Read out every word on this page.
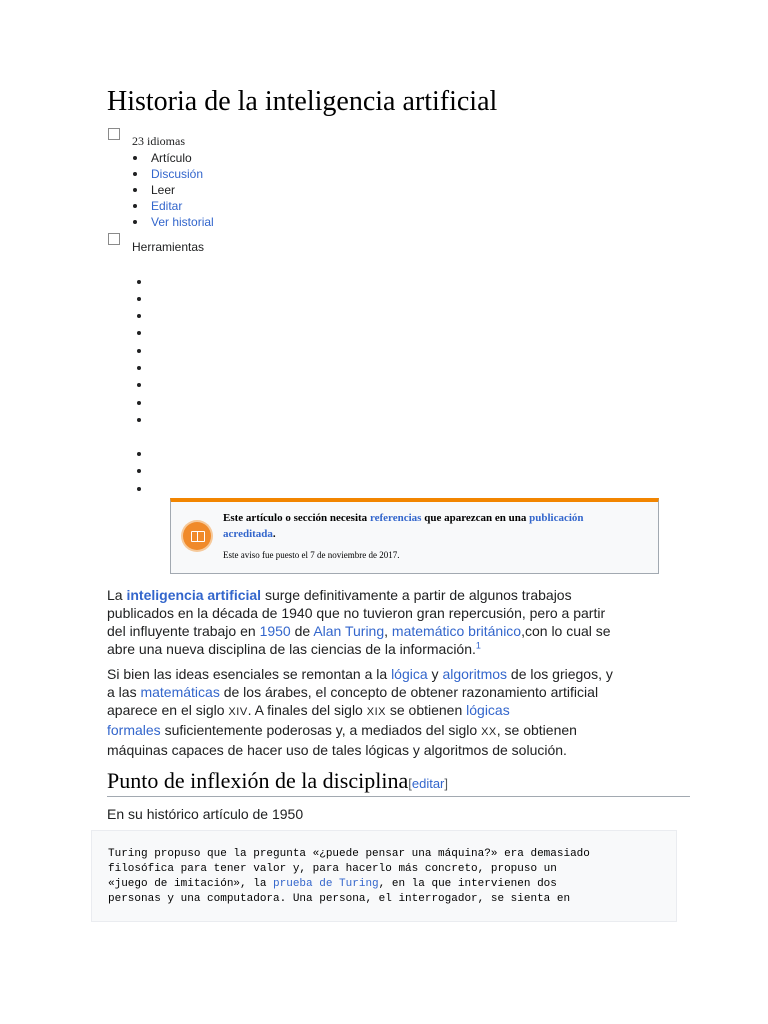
Historia de la inteligencia artificial
23 idiomas
Artículo
Discusión
Leer
Editar
Ver historial
Herramientas
Este artículo o sección necesita referencias que aparezcan en una publicación
acreditada.
Este aviso fue puesto el 7 de noviembre de 2017.

La inteligencia artificial surge definitivamente a partir de algunos trabajos
publicados en la década de 1940 que no tuvieron gran repercusión, pero a partir
del influyente trabajo en 1950 de Alan Turing, matemático británico,con lo cual se
abre una nueva disciplina de las ciencias de la información.$^1$

Si bien las ideas esenciales se remontan a la lógica y algoritmos de los griegos, y
a las matemáticas de los árabes, el concepto de obtener razonamiento artificial
aparece en el siglo XIV. A finales del siglo XIX se obtienen lógicas
formales suficientemente poderosas y, a mediados del siglo XX, se obtienen
máquinas capaces de hacer uso de tales lógicas y algoritmos de solución.

Punto de inflexión de la disciplina[editar]

En su histórico artículo de 1950

Turing propuso que la pregunta «¿puede pensar una máquina?» era demasiado
filosófica para tener valor y, para hacerlo más concreto, propuso un
«juego de imitación», la prueba de Turing, en la que intervienen dos
personas y una computadora. Una persona, el interrogador, se sienta en
